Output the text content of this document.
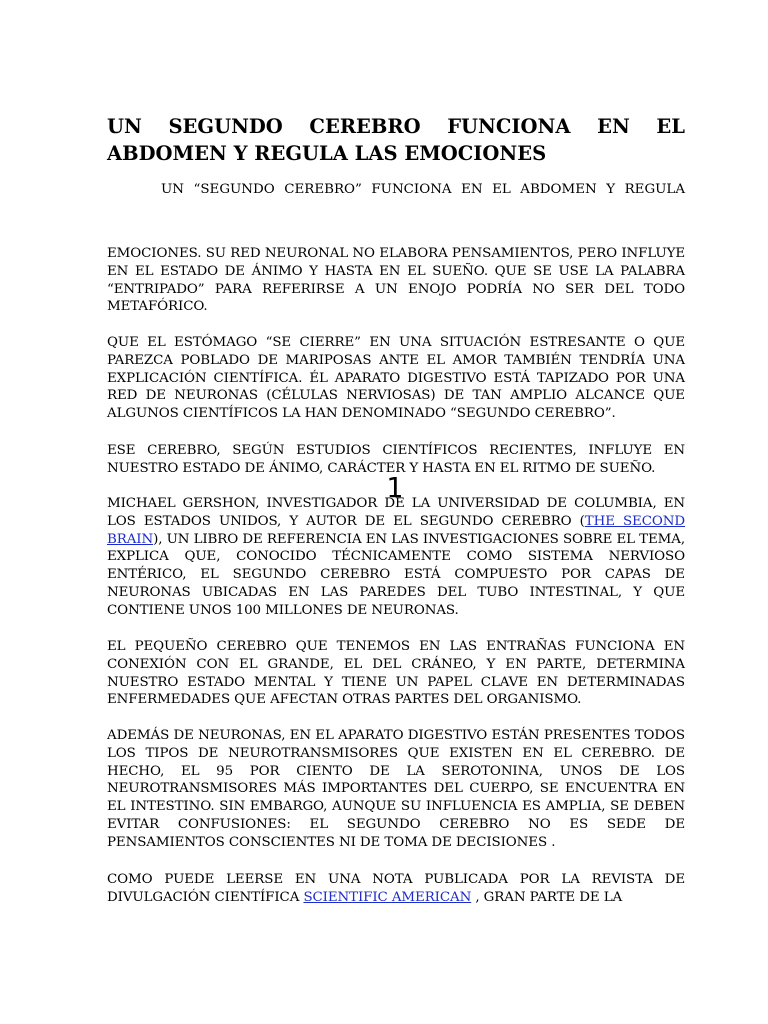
UN SEGUNDO CEREBRO FUNCIONA EN EL ABDOMEN Y REGULA LAS EMOCIONES

UN “SEGUNDO CEREBRO” FUNCIONA EN EL ABDOMEN Y REGULA

EMOCIONES. SU RED NEURONAL NO ELABORA PENSAMIENTOS, PERO INFLUYE EN EL ESTADO DE ÁNIMO Y HASTA EN EL SUEÑO. QUE SE USE LA PALABRA “ENTRIPADO” PARA REFERIRSE A UN ENOJO PODRÍA NO SER DEL TODO METAFÓRICO.

QUE EL ESTÓMAGO “SE CIERRE” EN UNA SITUACIÓN ESTRESANTE O QUE PAREZCA POBLADO DE MARIPOSAS ANTE EL AMOR TAMBIÉN TENDRÍA UNA EXPLICACIÓN CIENTÍFICA. ÉL APARATO DIGESTIVO ESTÁ TAPIZADO POR UNA RED DE NEURONAS (CÉLULAS NERVIOSAS) DE TAN AMPLIO ALCANCE QUE ALGUNOS CIENTÍFICOS LA HAN DENOMINADO “SEGUNDO CEREBRO”.

ESE CEREBRO, SEGÚN ESTUDIOS CIENTÍFICOS RECIENTES, INFLUYE EN NUESTRO ESTADO DE ÁNIMO, CARÁCTER Y HASTA EN EL RITMO DE SUEÑO.

MICHAEL GERSHON, INVESTIGADOR DE LA UNIVERSIDAD DE COLUMBIA, EN LOS ESTADOS UNIDOS, Y AUTOR DE EL SEGUNDO CEREBRO (THE SECOND BRAIN), UN LIBRO DE REFERENCIA EN LAS INVESTIGACIONES SOBRE EL TEMA, EXPLICA QUE, CONOCIDO TÉCNICAMENTE COMO SISTEMA NERVIOSO ENTÉRICO, EL SEGUNDO CEREBRO ESTÁ COMPUESTO POR CAPAS DE NEURONAS UBICADAS EN LAS PAREDES DEL TUBO INTESTINAL, Y QUE CONTIENE UNOS 100 MILLONES DE NEURONAS.

EL PEQUEÑO CEREBRO QUE TENEMOS EN LAS ENTRAÑAS FUNCIONA EN CONEXIÓN CON EL GRANDE, EL DEL CRÁNEO, Y EN PARTE, DETERMINA NUESTRO ESTADO MENTAL Y TIENE UN PAPEL CLAVE EN DETERMINADAS ENFERMEDADES QUE AFECTAN OTRAS PARTES DEL ORGANISMO.

ADEMÁS DE NEURONAS, EN EL APARATO DIGESTIVO ESTÁN PRESENTES TODOS LOS TIPOS DE NEUROTRANSMISORES QUE EXISTEN EN EL CEREBRO. DE HECHO, EL 95 POR CIENTO DE LA SEROTONINA, UNOS DE LOS NEUROTRANSMISORES MÁS IMPORTANTES DEL CUERPO, SE ENCUENTRA EN EL INTESTINO. SIN EMBARGO, AUNQUE SU INFLUENCIA ES AMPLIA, SE DEBEN EVITAR CONFUSIONES: EL SEGUNDO CEREBRO NO ES SEDE DE PENSAMIENTOS CONSCIENTES NI DE TOMA DE DECISIONES .

COMO PUEDE LEERSE EN UNA NOTA PUBLICADA POR LA REVISTA DE DIVULGACIÓN CIENTÍFICA SCIENTIFIC AMERICAN , GRAN PARTE DE LA

1
